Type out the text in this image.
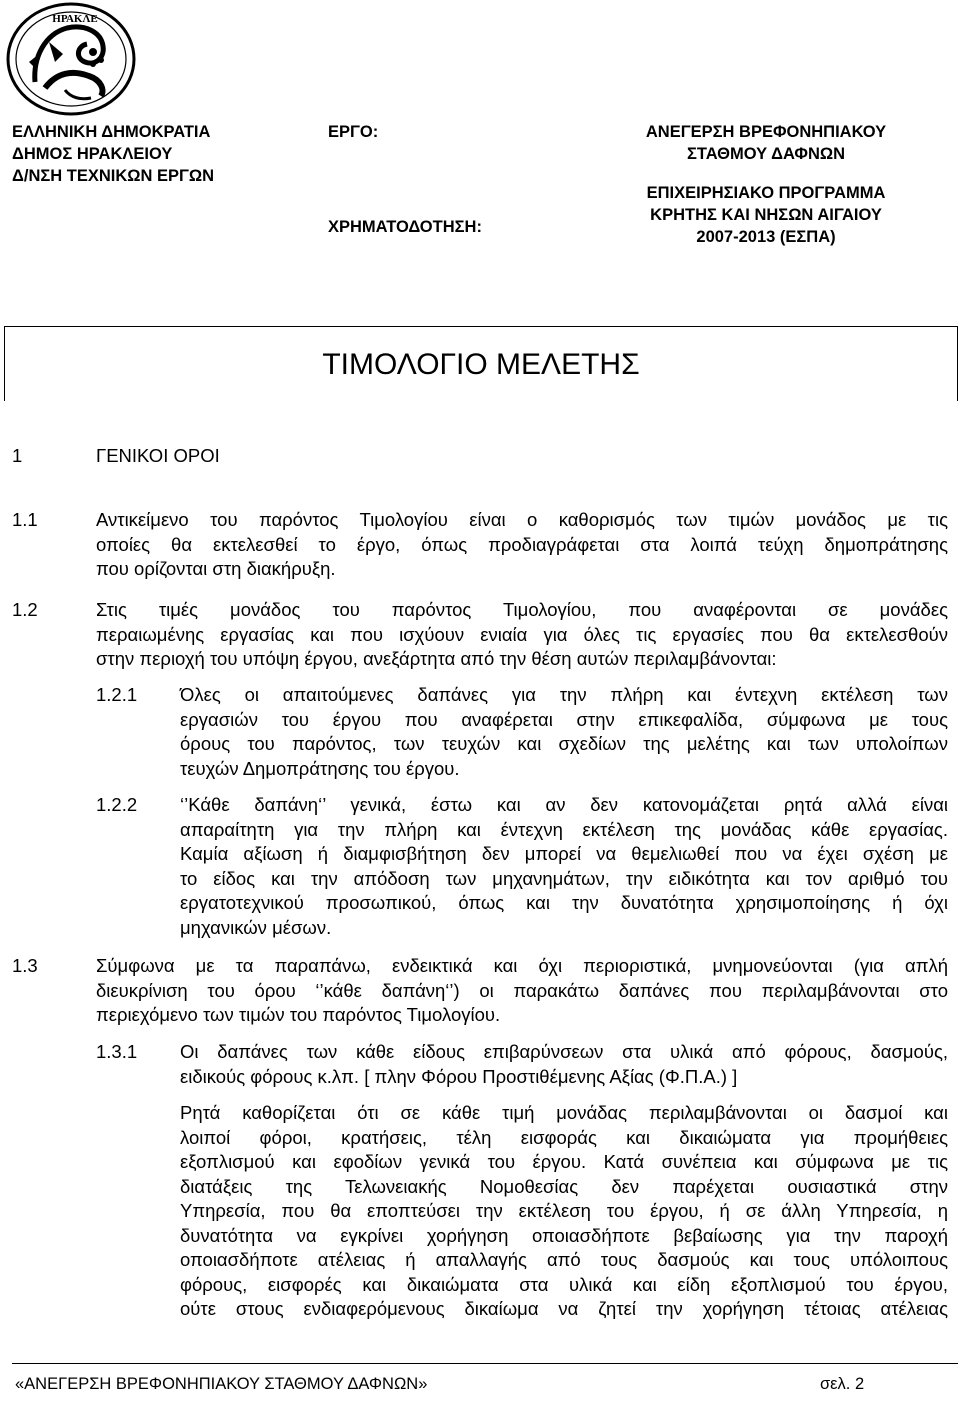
ΗΡΑΚΛΕ
ΕΛΛΗΝΙΚΗ ΔΗΜΟΚΡΑΤΙΑ
ΔΗΜΟΣ ΗΡΑΚΛΕΙΟΥ
Δ/ΝΣΗ ΤΕΧΝΙΚΩΝ ΕΡΓΩΝ
ΕΡΓΟ:
ΧΡΗΜΑΤΟΔΟΤΗΣΗ:
ΑΝΕΓΕΡΣΗ ΒΡΕΦΟΝΗΠΙΑΚΟΥ
ΣΤΑΘΜΟΥ ΔΑΦΝΩΝ
ΕΠΙΧΕΙΡΗΣΙΑΚΟ ΠΡΟΓΡΑΜΜΑ
ΚΡΗΤΗΣ ΚΑΙ ΝΗΣΩΝ ΑΙΓΑΙΟΥ
2007-2013 (ΕΣΠΑ)
ΤΙΜΟΛΟΓΙΟ ΜΕΛΕΤΗΣ
1	ΓΕΝΙΚΟΙ ΟΡΟΙ
1.1	Αντικείμενο του παρόντος Τιμολογίου είναι ο καθορισμός των τιμών μονάδος με τις
οποίες θα εκτελεσθεί το έργο, όπως προδιαγράφεται στα λοιπά τεύχη δημοπράτησης
που ορίζονται στη διακήρυξη.
1.2	Στις τιμές μονάδος του παρόντος Τιμολογίου, που αναφέρονται σε μονάδες
περαιωμένης εργασίας και που ισχύουν ενιαία για όλες τις εργασίες που θα εκτελεσθούν
στην περιοχή του υπόψη έργου, ανεξάρτητα από την θέση αυτών περιλαμβάνονται:
1.2.1 Όλες οι απαιτούμενες δαπάνες για την πλήρη και έντεχνη εκτέλεση των
εργασιών του έργου που αναφέρεται στην επικεφαλίδα, σύμφωνα με τους
όρους του παρόντος, των τευχών και σχεδίων της μελέτης και των υπολοίπων
τευχών Δημοπράτησης του έργου.
1.2.2 ‘’Κάθε δαπάνη‘’ γενικά, έστω και αν δεν κατονομάζεται ρητά αλλά είναι
απαραίτητη για την πλήρη και έντεχνη εκτέλεση της μονάδας κάθε εργασίας.
Καμία αξίωση ή διαμφισβήτηση δεν μπορεί να θεμελιωθεί που να έχει σχέση με
το είδος και την απόδοση των μηχανημάτων, την ειδικότητα και τον αριθμό του
εργατοτεχνικού προσωπικού, όπως και την δυνατότητα χρησιμοποίησης ή όχι
μηχανικών μέσων.
1.3	Σύμφωνα με τα παραπάνω, ενδεικτικά και όχι περιοριστικά, μνημονεύονται (για απλή
διευκρίνιση του όρου ‘’κάθε δαπάνη‘’) οι παρακάτω δαπάνες που περιλαμβάνονται στο
περιεχόμενο των τιμών του παρόντος Τιμολογίου.
1.3.1 Οι δαπάνες των κάθε είδους επιβαρύνσεων στα υλικά από φόρους, δασμούς,
ειδικούς φόρους κ.λπ. [ πλην Φόρου Προστιθέμενης Αξίας (Φ.Π.Α.) ]
Ρητά καθορίζεται ότι σε κάθε τιμή μονάδας περιλαμβάνονται οι δασμοί και
λοιποί φόροι, κρατήσεις, τέλη εισφοράς και δικαιώματα για προμήθειες
εξοπλισμού και εφοδίων γενικά του έργου. Κατά συνέπεια και σύμφωνα με τις
διατάξεις της Τελωνειακής Νομοθεσίας δεν παρέχεται ουσιαστικά στην
Υπηρεσία, που θα εποπτεύσει την εκτέλεση του έργου, ή σε άλλη Υπηρεσία, η
δυνατότητα να εγκρίνει χορήγηση οποιασδήποτε βεβαίωσης για την παροχή
οποιασδήποτε ατέλειας ή απαλλαγής από τους δασμούς και τους υπόλοιπους
φόρους, εισφορές και δικαιώματα στα υλικά και είδη εξοπλισμού του έργου,
ούτε στους ενδιαφερόμενους δικαίωμα να ζητεί την χορήγηση τέτοιας ατέλειας
«ΑΝΕΓΕΡΣΗ ΒΡΕΦΟΝΗΠΙΑΚΟΥ ΣΤΑΘΜΟΥ ΔΑΦΝΩΝ»	σελ. 2
